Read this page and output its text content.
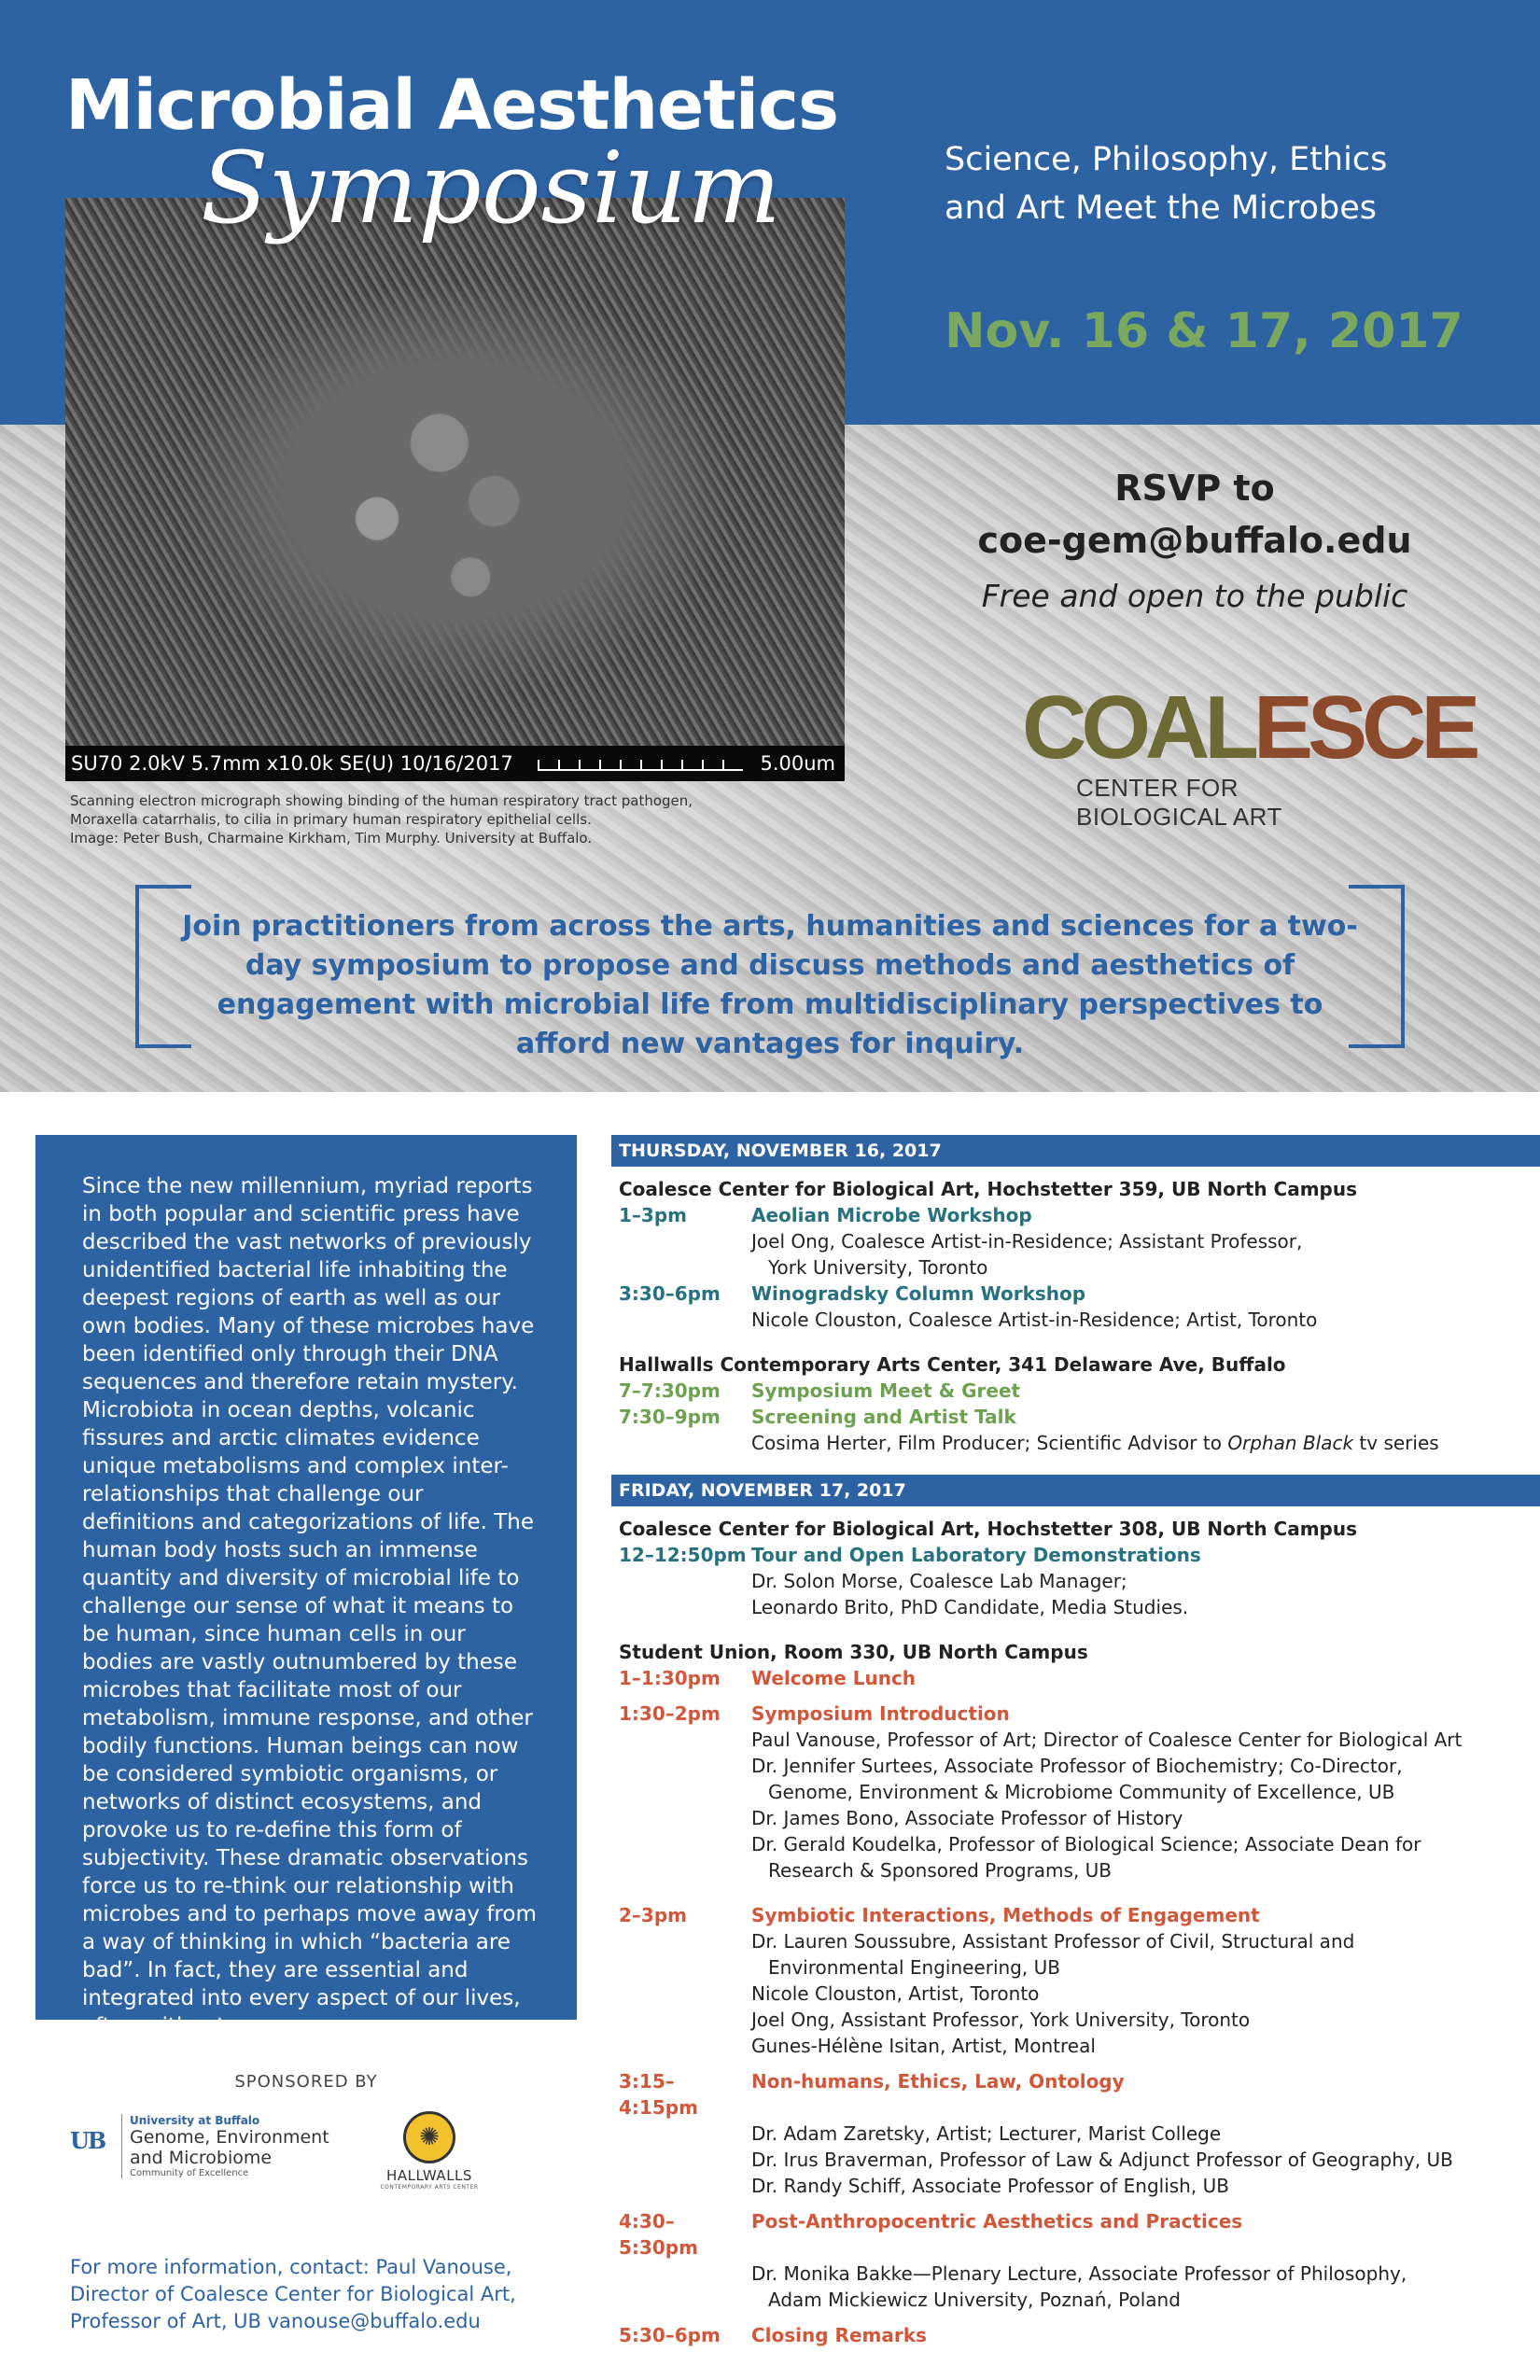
Microbial Aesthetics
SU70 2.0kV 5.7mm x10.0k SE(U) 10/16/2017	5.00um
Symposium
Scanning electron micrograph showing binding of the human respiratory tract pathogen,
Moraxella catarrhalis, to cilia in primary human respiratory epithelial cells.
Image: Peter Bush, Charmaine Kirkham, Tim Murphy. University at Buffalo.
Science, Philosophy, Ethics
and Art Meet the Microbes
Nov. 16 & 17, 2017
RSVP to
coe-gem@buffalo.edu
Free and open to the public
COALESCE
CENTER FOR BIOLOGICAL ART
Join practitioners from across the arts, humanities and sciences for a two-day symposium to propose and discuss methods and aesthetics of engagement with microbial life from multidisciplinary perspectives to afford new vantages for inquiry.

Since the new millennium, myriad reports in both popular and scientific press have described the vast networks of previously unidentified bacterial life inhabiting the deepest regions of earth as well as our own bodies. Many of these microbes have been identified only through their DNA sequences and therefore retain mystery. Microbiota in ocean depths, volcanic fissures and arctic climates evidence unique metabolisms and complex inter-relationships that challenge our definitions and categorizations of life. The human body hosts such an immense quantity and diversity of microbial life to challenge our sense of what it means to be human, since human cells in our bodies are vastly outnumbered by these microbes that facilitate most of our metabolism, immune response, and other bodily functions. Human beings can now be considered symbiotic organisms, or networks of distinct ecosystems, and provoke us to re-define this form of subjectivity. These dramatic observations force us to re-think our relationship with microbes and to perhaps move away from a way of thinking in which “bacteria are bad”. In fact, they are essential and integrated into every aspect of our lives, often without our awareness.

SPONSORED BY
UB
University at Buffalo
Genome, Environment
and Microbiome
Community of Excellence
✺
HALLWALLS
CONTEMPORARY ARTS CENTER
For more information, contact: Paul Vanouse,
Director of Coalesce Center for Biological Art,
Professor of Art, UB vanouse@buffalo.edu
THURSDAY, NOVEMBER 16, 2017
Coalesce Center for Biological Art, Hochstetter 359, UB North Campus
1–3pm	Aeolian Microbe Workshop
Joel Ong, Coalesce Artist-in-Residence; Assistant Professor,
York University, Toronto
3:30–6pm	Winogradsky Column Workshop
Nicole Clouston, Coalesce Artist-in-Residence; Artist, Toronto
Hallwalls Contemporary Arts Center, 341 Delaware Ave, Buffalo
7–7:30pm	Symposium Meet & Greet
7:30–9pm	Screening and Artist Talk
Cosima Herter, Film Producer; Scientific Advisor to Orphan Black tv series
FRIDAY, NOVEMBER 17, 2017
Coalesce Center for Biological Art, Hochstetter 308, UB North Campus
12–12:50pm Tour and Open Laboratory Demonstrations
Dr. Solon Morse, Coalesce Lab Manager;
Leonardo Brito, PhD Candidate, Media Studies.
Student Union, Room 330, UB North Campus
1–1:30pm	Welcome Lunch
1:30–2pm	Symposium Introduction
Paul Vanouse, Professor of Art; Director of Coalesce Center for Biological Art
Dr. Jennifer Surtees, Associate Professor of Biochemistry; Co-Director,
Genome, Environment & Microbiome Community of Excellence, UB
Dr. James Bono, Associate Professor of History
Dr. Gerald Koudelka, Professor of Biological Science; Associate Dean for
Research & Sponsored Programs, UB
2–3pm	Symbiotic Interactions, Methods of Engagement
Dr. Lauren Soussubre, Assistant Professor of Civil, Structural and
Environmental Engineering, UB
Nicole Clouston, Artist, Toronto
Joel Ong, Assistant Professor, York University, Toronto
Gunes-Hélène Isitan, Artist, Montreal
3:15–4:15pm
Non-humans, Ethics, Law, Ontology
Dr. Adam Zaretsky, Artist; Lecturer, Marist College
Dr. Irus Braverman, Professor of Law & Adjunct Professor of Geography, UB
Dr. Randy Schiff, Associate Professor of English, UB
4:30–5:30pm
Post-Anthropocentric Aesthetics and Practices
Dr. Monika Bakke—Plenary Lecture, Associate Professor of Philosophy,
Adam Mickiewicz University, Poznań, Poland
5:30–6pm	Closing Remarks
